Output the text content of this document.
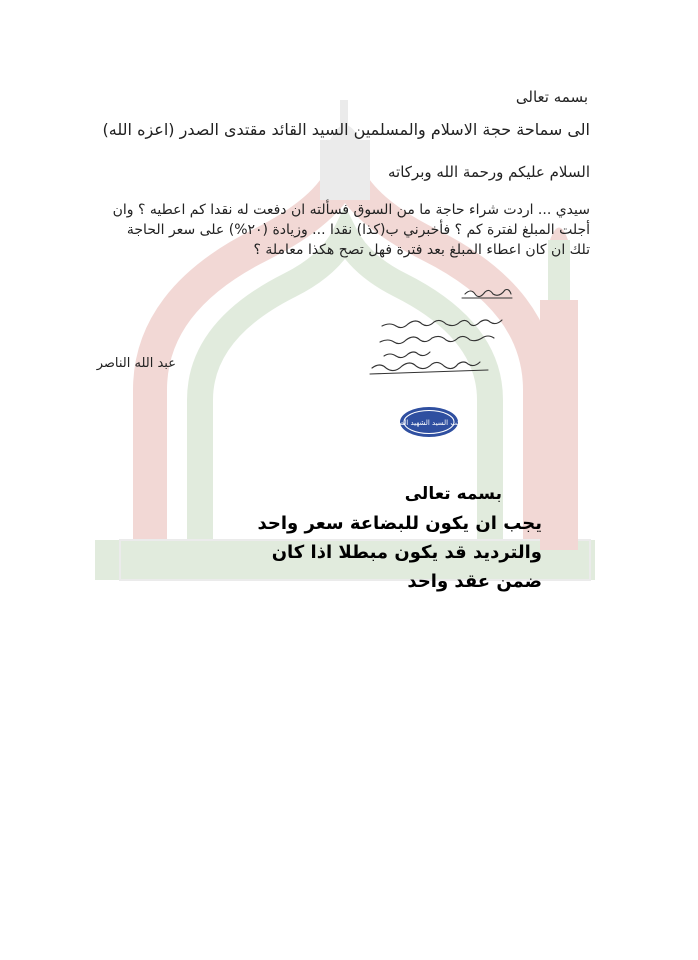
بسمه تعالى
الى سماحة حجة الاسلام والمسلمين السيد القائد مقتدى الصدر (اعزه الله)
السلام عليكم ورحمة الله وبركاته
سيدي ... اردت شراء حاجة ما من السوق فسألته ان دفعت له نقدا كم اعطيه ؟ وان
أجلت المبلغ لفترة كم ؟ فأخبرني ب(كذا) نقدا ... وزيادة (٢٠%) على سعر الحاجة
تلك ان كان اعطاء المبلغ بعد فترة فهل تصح هكذا معاملة ؟
عبد الله الناصر
مكتب السيد الشهيد الصدر
بسمه تعالى
يجب ان يكون للبضاعة سعر واحد
والترديد قد يكون مبطلا اذا كان
ضمن عقد واحد
